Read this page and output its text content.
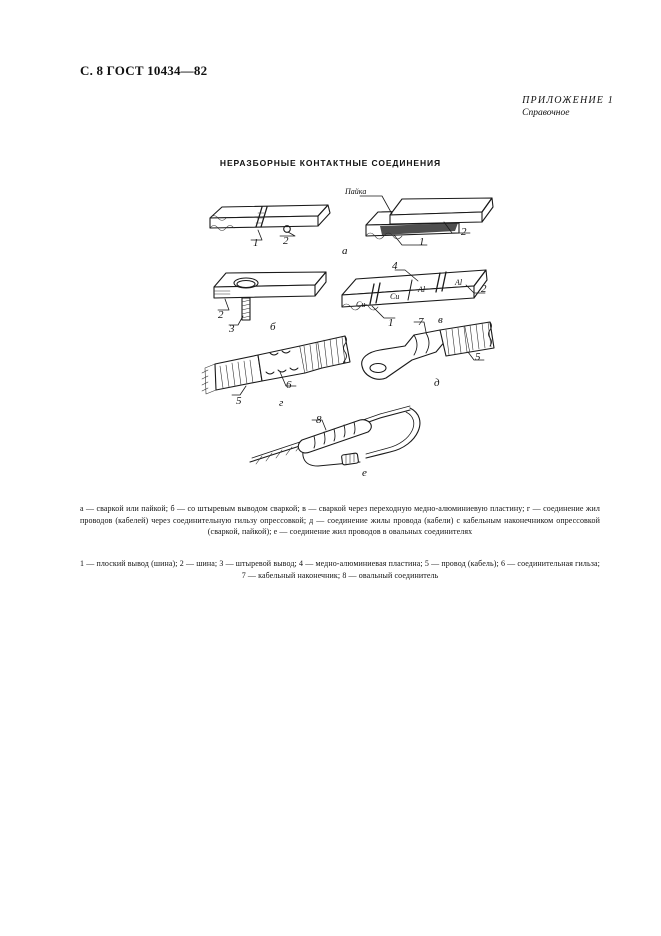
С. 8 ГОСТ 10434—82
ПРИЛОЖЕНИЕ 1
Справочное
НЕРАЗБОРНЫЕ КОНТАКТНЫЕ СОЕДИНЕНИЯ
1 2
Пайка
1
2
а
2
3	б
Cu
Cu
Al
Al
4
1
2
в
5
6
г
7
5
д
8
е
а — сваркой или пайкой; б — со штыревым выводом сваркой; в — сваркой через переходную медно-алюминиевую пластину; г — соединение жил проводов (кабелей) через соединительную гильзу опрессовкой; д — соединение жилы провода (кабели) с кабельным наконечником опрессовкой (сваркой, пайкой); е — соединение жил проводов в овальных соединителях
1 — плоский вывод (шина); 2 — шина; 3 — штыревой вывод; 4 — медно-алюминиевая пластина; 5 — провод (кабель); 6 — соединительная гильза; 7 — кабельный наконечник; 8 — овальный соединитель
